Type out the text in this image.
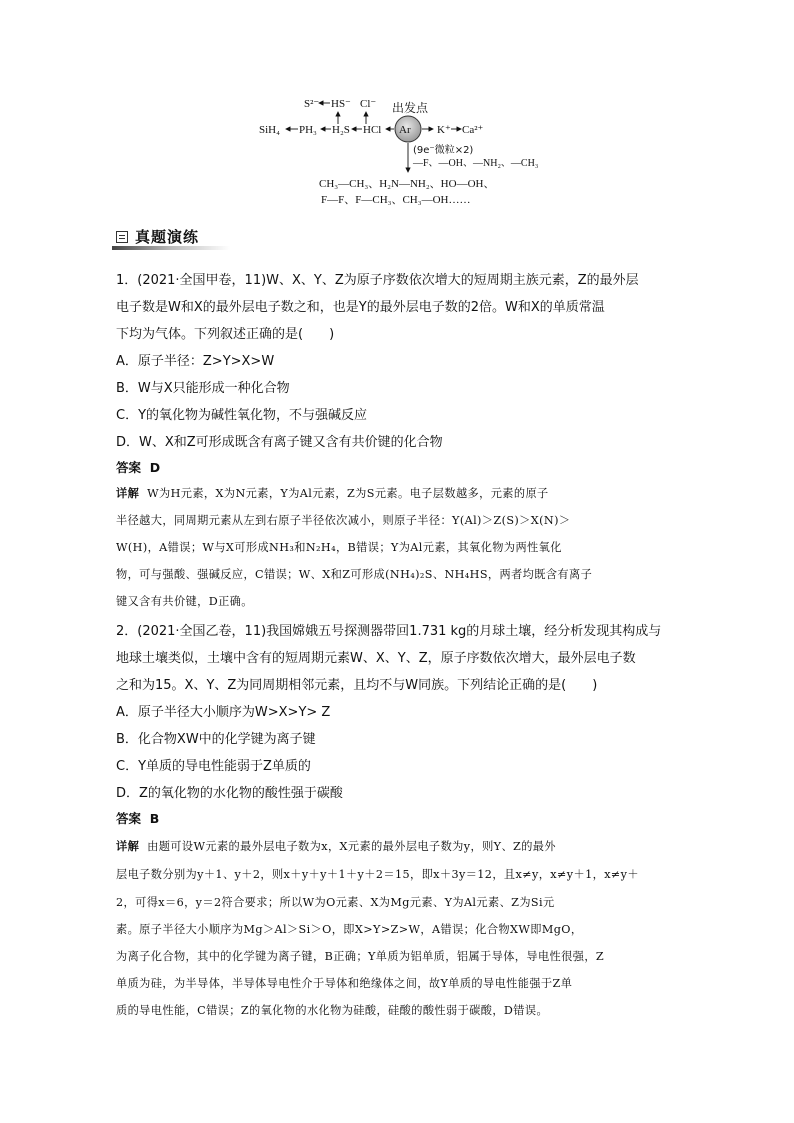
S²⁻ HS⁻ Cl⁻ 出发点
SiH₄ PH₃ H₂S HCl Ar K⁺ Ca²⁺
(9e⁻微粒×2)
—F、—OH、—NH₂、—CH₃
CH₃—CH₃、H₂N—NH₂、HO—OH、
F—F、F—CH₃、CH₃—OH……
真题演练
1．(2021·全国甲卷，11)W、X、Y、Z为原子序数依次增大的短周期主族元素，Z的最外层
电子数是W和X的最外层电子数之和，也是Y的最外层电子数的2倍。W和X的单质常温
下均为气体。下列叙述正确的是(　　)
A．原子半径：Z>Y>X>W
B．W与X只能形成一种化合物
C．Y的氧化物为碱性氧化物，不与强碱反应
D．W、X和Z可形成既含有离子键又含有共价键的化合物
答案 D
详解 W为H元素，X为N元素，Y为Al元素，Z为S元素。电子层数越多，元素的原子
半径越大，同周期元素从左到右原子半径依次减小，则原子半径：Y(Al)＞Z(S)＞X(N)＞
W(H)，A错误；W与X可形成NH₃和N₂H₄，B错误；Y为Al元素，其氧化物为两性氧化
物，可与强酸、强碱反应，C错误；W、X和Z可形成(NH₄)₂S、NH₄HS，两者均既含有离子
键又含有共价键，D正确。
2．(2021·全国乙卷，11)我国嫦娥五号探测器带回1.731 kg的月球土壤，经分析发现其构成与
地球土壤类似，土壤中含有的短周期元素W、X、Y、Z，原子序数依次增大，最外层电子数
之和为15。X、Y、Z为同周期相邻元素，且均不与W同族。下列结论正确的是(　　)
A．原子半径大小顺序为W>X>Y> Z
B．化合物XW中的化学键为离子键
C．Y单质的导电性能弱于Z单质的
D．Z的氧化物的水化物的酸性强于碳酸
答案 B
详解 由题可设W元素的最外层电子数为x，X元素的最外层电子数为y，则Y、Z的最外
层电子数分别为y＋1、y＋2，则x＋y＋y＋1＋y＋2＝15，即x＋3y＝12，且x≠y，x≠y＋1，x≠y＋
2，可得x＝6，y＝2符合要求；所以W为O元素、X为Mg元素、Y为Al元素、Z为Si元
素。原子半径大小顺序为Mg＞Al＞Si＞O，即X>Y>Z>W，A错误；化合物XW即MgO，
为离子化合物，其中的化学键为离子键，B正确；Y单质为铝单质，铝属于导体，导电性很强，Z
单质为硅，为半导体，半导体导电性介于导体和绝缘体之间，故Y单质的导电性能强于Z单
质的导电性能，C错误；Z的氧化物的水化物为硅酸，硅酸的酸性弱于碳酸，D错误。
